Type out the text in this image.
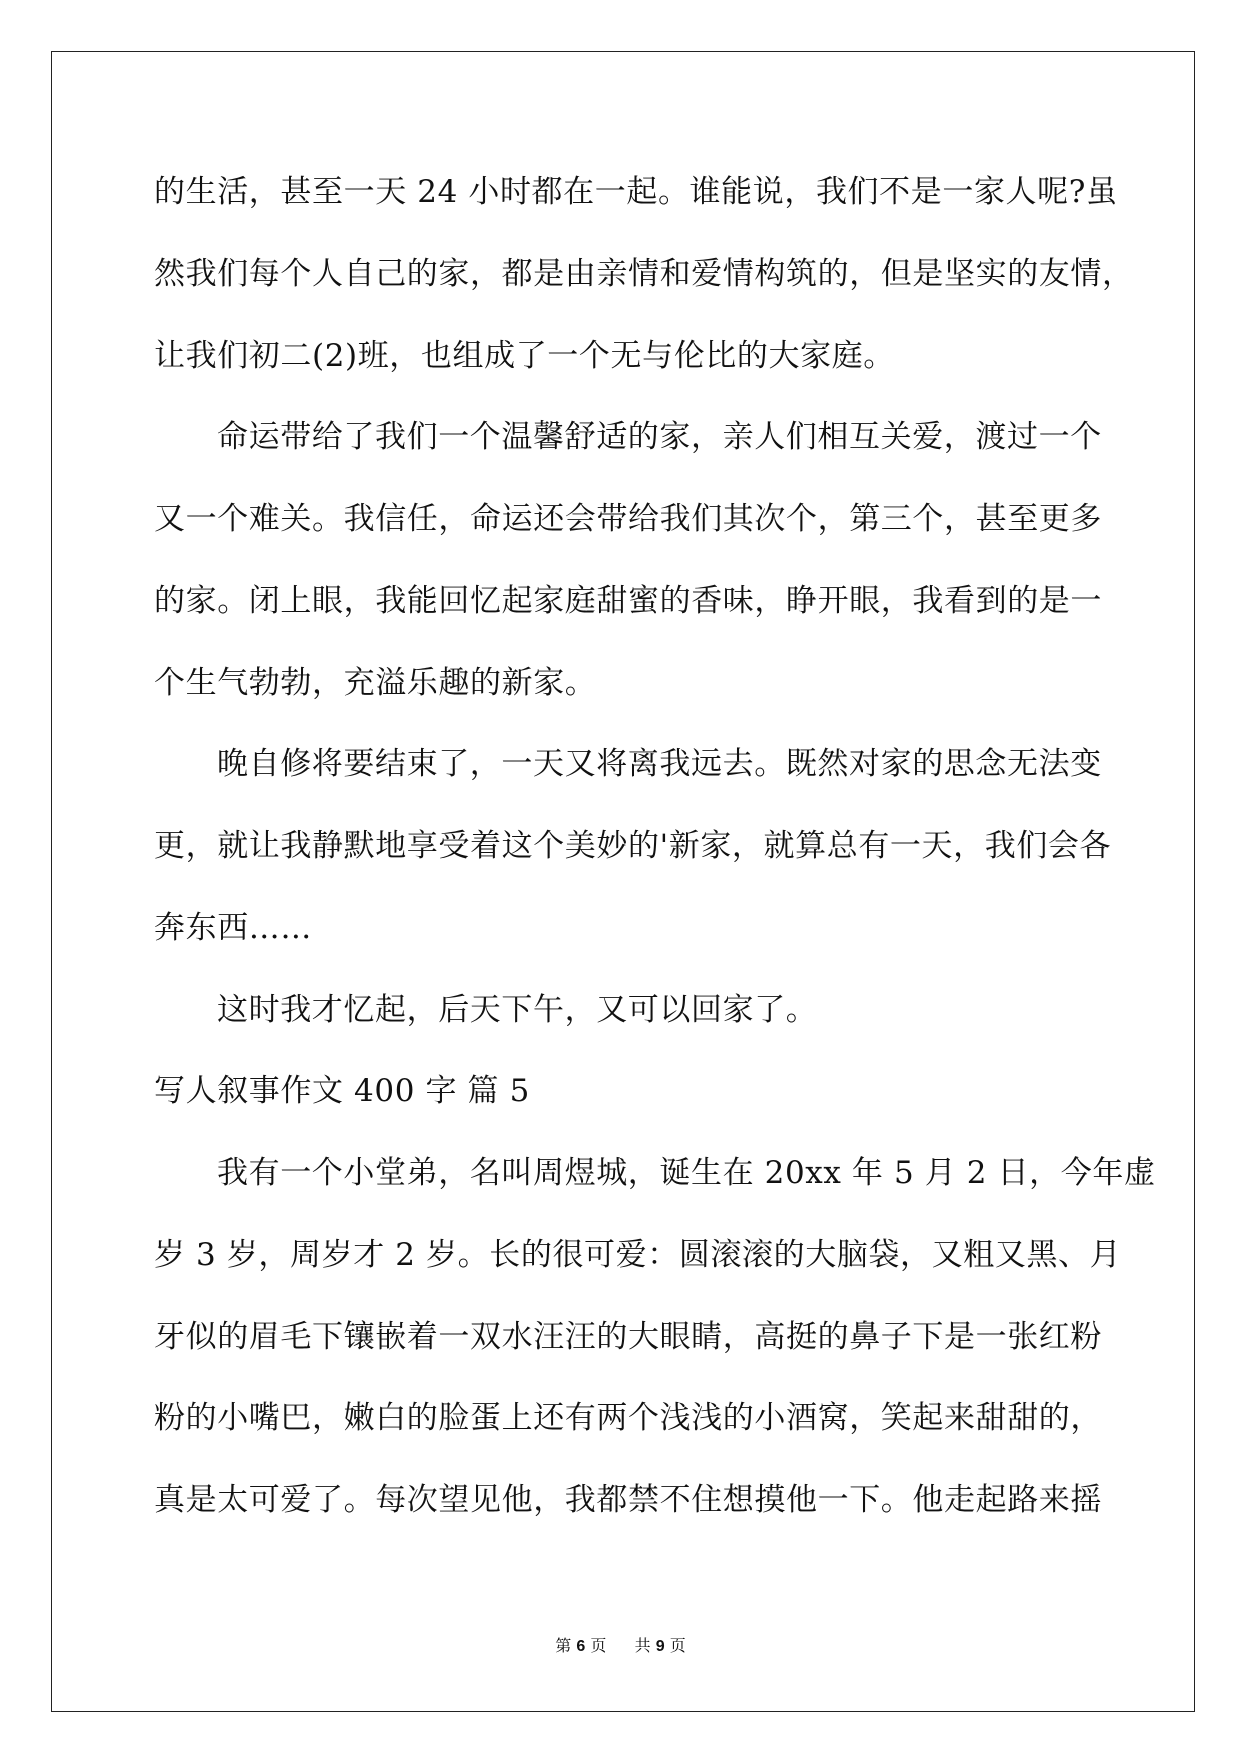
的生活，甚至一天 24 小时都在一起。谁能说，我们不是一家人呢?虽
然我们每个人自己的家，都是由亲情和爱情构筑的，但是坚实的友情，
让我们初二(2)班，也组成了一个无与伦比的大家庭。
命运带给了我们一个温馨舒适的家，亲人们相互关爱，渡过一个
又一个难关。我信任，命运还会带给我们其次个，第三个，甚至更多
的家。闭上眼，我能回忆起家庭甜蜜的香味，睁开眼，我看到的是一
个生气勃勃，充溢乐趣的新家。
晚自修将要结束了，一天又将离我远去。既然对家的思念无法变
更，就让我静默地享受着这个美妙的'新家，就算总有一天，我们会各
奔东西……
这时我才忆起，后天下午，又可以回家了。
写人叙事作文 400 字 篇 5
我有一个小堂弟，名叫周煜城，诞生在 20xx 年 5 月 2 日，今年虚
岁 3 岁，周岁才 2 岁。长的很可爱：圆滚滚的大脑袋，又粗又黑、月
牙似的眉毛下镶嵌着一双水汪汪的大眼睛，高挺的鼻子下是一张红粉
粉的小嘴巴，嫩白的脸蛋上还有两个浅浅的小酒窝，笑起来甜甜的，
真是太可爱了。每次望见他，我都禁不住想摸他一下。他走起路来摇
第 6 页 共 9 页
